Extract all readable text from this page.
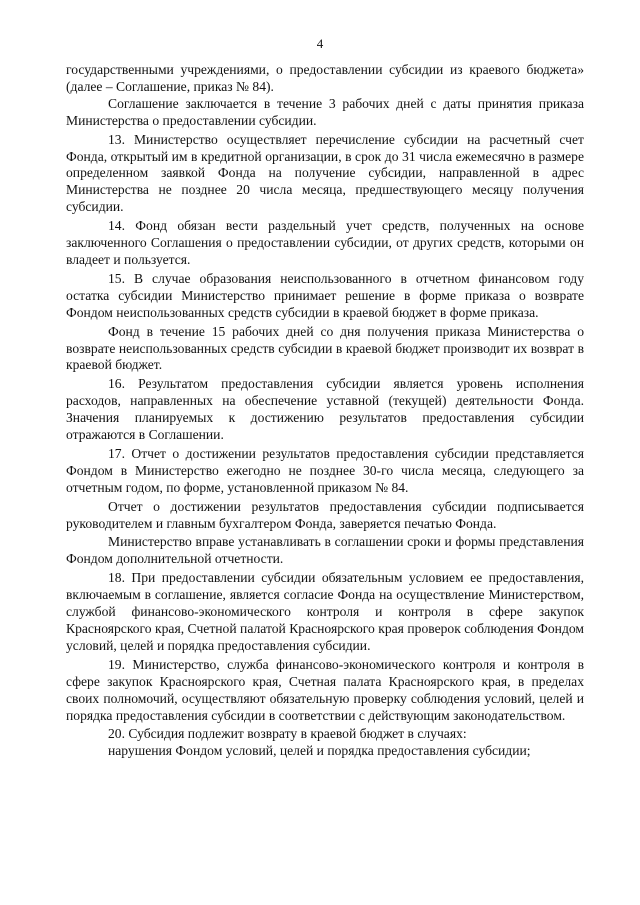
4

государственными учреждениями, о предоставлении субсидии из краевого бюджета» (далее – Соглашение, приказ № 84).

Соглашение заключается в течение 3 рабочих дней с даты принятия приказа Министерства о предоставлении субсидии.

13. Министерство осуществляет перечисление субсидии на расчетный счет Фонда, открытый им в кредитной организации, в срок до 31 числа ежемесячно в размере определенном заявкой Фонда на получение субсидии, направленной в адрес Министерства не позднее 20 числа месяца, предшествующего месяцу получения субсидии.

14. Фонд обязан вести раздельный учет средств, полученных на основе заключенного Соглашения о предоставлении субсидии, от других средств, которыми он владеет и пользуется.

15. В случае образования неиспользованного в отчетном финансовом году остатка субсидии Министерство принимает решение в форме приказа о возврате Фондом неиспользованных средств субсидии в краевой бюджет в форме приказа.

Фонд в течение 15 рабочих дней со дня получения приказа Министерства о возврате неиспользованных средств субсидии в краевой бюджет производит их возврат в краевой бюджет.

16. Результатом предоставления субсидии является уровень исполнения расходов, направленных на обеспечение уставной (текущей) деятельности Фонда. Значения планируемых к достижению результатов предоставления субсидии отражаются в Соглашении.

17. Отчет о достижении результатов предоставления субсидии представляется Фондом в Министерство ежегодно не позднее 30-го числа месяца, следующего за отчетным годом, по форме, установленной приказом № 84.

Отчет о достижении результатов предоставления субсидии подписывается руководителем и главным бухгалтером Фонда, заверяется печатью Фонда.

Министерство вправе устанавливать в соглашении сроки и формы представления Фондом дополнительной отчетности.

18. При предоставлении субсидии обязательным условием ее предоставления, включаемым в соглашение, является согласие Фонда на осуществление Министерством, службой финансово-экономического контроля и контроля в сфере закупок Красноярского края, Счетной палатой Красноярского края проверок соблюдения Фондом условий, целей и порядка предоставления субсидии.

19. Министерство, служба финансово-экономического контроля и контроля в сфере закупок Красноярского края, Счетная палата Красноярского края, в пределах своих полномочий, осуществляют обязательную проверку соблюдения условий, целей и порядка предоставления субсидии в соответствии с действующим законодательством.

20. Субсидия подлежит возврату в краевой бюджет в случаях:

нарушения Фондом условий, целей и порядка предоставления субсидии;
